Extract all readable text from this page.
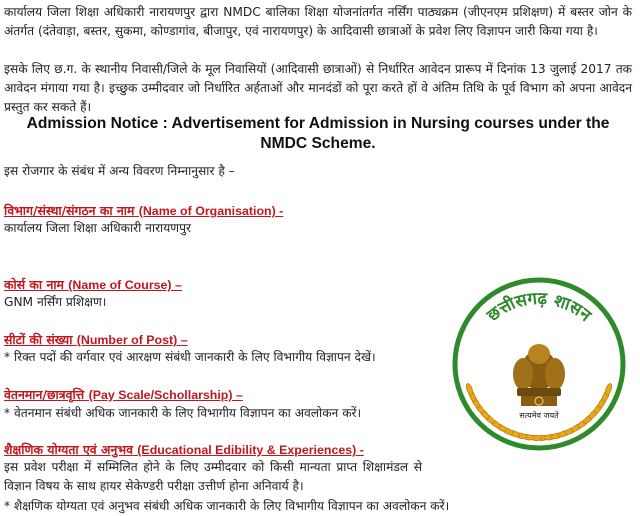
कार्यालय जिला शिक्षा अधिकारी नारायणपुर द्वारा NMDC बालिका शिक्षा योजनांतर्गत नर्सिंग पाठ्यक्रम (जीएनएम प्रशिक्षण) में बस्तर जोन के अंतर्गत (दंतेवाड़ा, बस्तर, सुकमा, कोण्डागांव, बीजापुर, एवं नारायणपुर) के आदिवासी छात्राओं के प्रवेश लिए विज्ञापन जारी किया गया है।

इसके लिए छ.ग. के स्थानीय निवासी/जिले के मूल निवासियों (आदिवासी छात्राओं) से निर्धारित आवेदन प्रारूप में दिनांक 13 जुलाई 2017 तक आवेदन मंगाया गया है। इच्छुक उम्मीदवार जो निर्धारित अर्हताओं और मानदंडों को पूरा करते हों वे अंतिम तिथि के पूर्व विभाग को अपना आवेदन प्रस्तुत कर सकते हैं।

Admission Notice : Advertisement for Admission in Nursing courses under the NMDC Scheme.
इस रोजगार के संबंध में अन्य विवरण निम्नानुसार है –
विभाग/संस्था/संगठन का नाम (Name of Organisation) -
कार्यालय जिला शिक्षा अधिकारी नारायणपुर
कोर्स का नाम (Name of Course) –
GNM नर्सिंग प्रशिक्षण।
सीटों की संख्या (Number of Post) –
* रिक्त पदों की वर्गवार एवं आरक्षण संबंधी जानकारी के लिए विभागीय विज्ञापन देखें।
वेतनमान/छात्रवृत्ति (Pay Scale/Schollarship) –
* वेतनमान संबंधी अधिक जानकारी के लिए विभागीय विज्ञापन का अवलोकन करें।
शैक्षणिक योग्यता एवं अनुभव (Educational Edibility & Experiences) -
इस प्रवेश परीक्षा में सम्मिलित होने के लिए उम्मीदवार को किसी मान्यता प्राप्त शिक्षामंडल से विज्ञान विषय के साथ हायर सेकेण्डरी परीक्षा उत्तीर्ण होना अनिवार्य है।
* शैक्षणिक योग्यता एवं अनुभव संबंधी अधिक जानकारी के लिए विभागीय विज्ञापन का अवलोकन करें।
छत्तीसगढ़ शासन
सत्यमेव जयते
